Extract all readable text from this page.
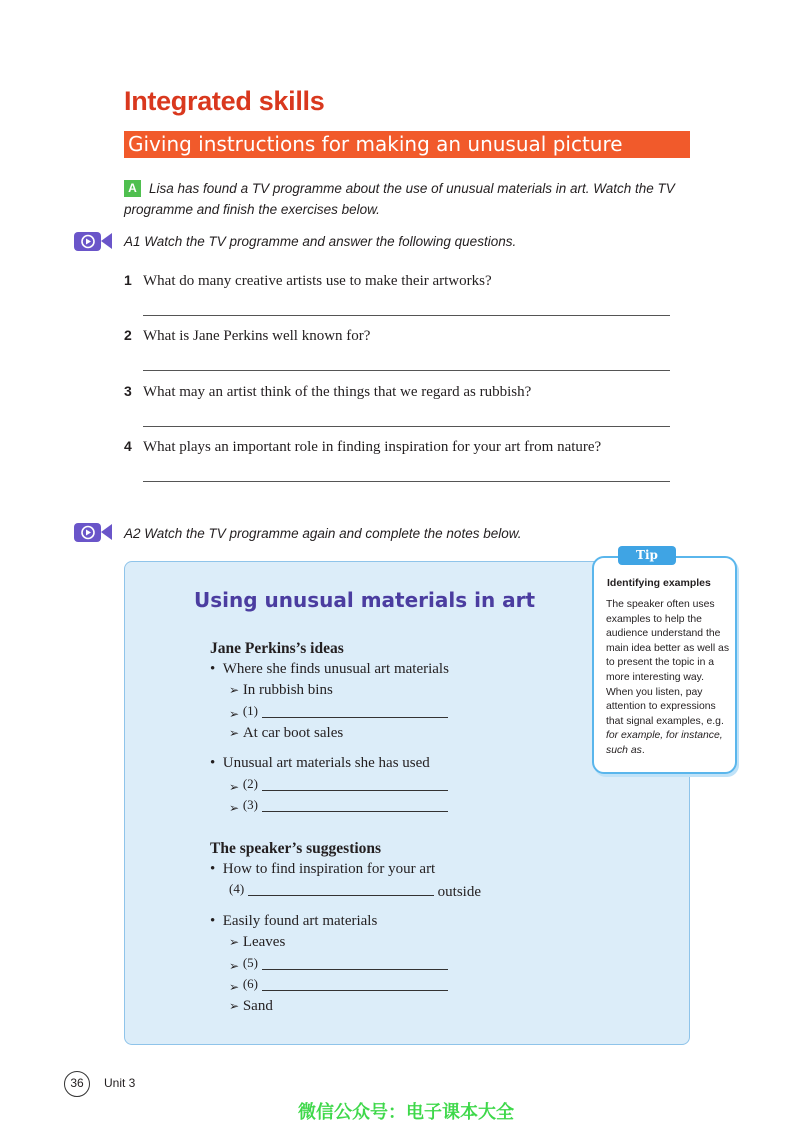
Integrated skills
Giving instructions for making an unusual picture
A Lisa has found a TV programme about the use of unusual materials in art. Watch the TV programme and finish the exercises below.
A1 Watch the TV programme and answer the following questions.
1 What do many creative artists use to make their artworks?
2 What is Jane Perkins well known for?
3 What may an artist think of the things that we regard as rubbish?
4 What plays an important role in finding inspiration for your art from nature?
A2 Watch the TV programme again and complete the notes below.
Using unusual materials in art
Jane Perkins’s ideas
• Where she finds unusual art materials
➢ In rubbish bins
➢ (1)
➢ At car boot sales
• Unusual art materials she has used
➢ (2)
➢ (3)
The speaker’s suggestions
• How to find inspiration for your art
(4)	outside
• Easily found art materials
➢ Leaves
➢ (5)
➢ (6)
➢ Sand
Tip
Identifying examples
The speaker often uses examples to help the audience understand the main idea better as well as to present the topic in a more interesting way. When you listen, pay attention to expressions that signal examples, e.g. for example, for instance, such as.
36	Unit 3
微信公众号：电子课本大全
